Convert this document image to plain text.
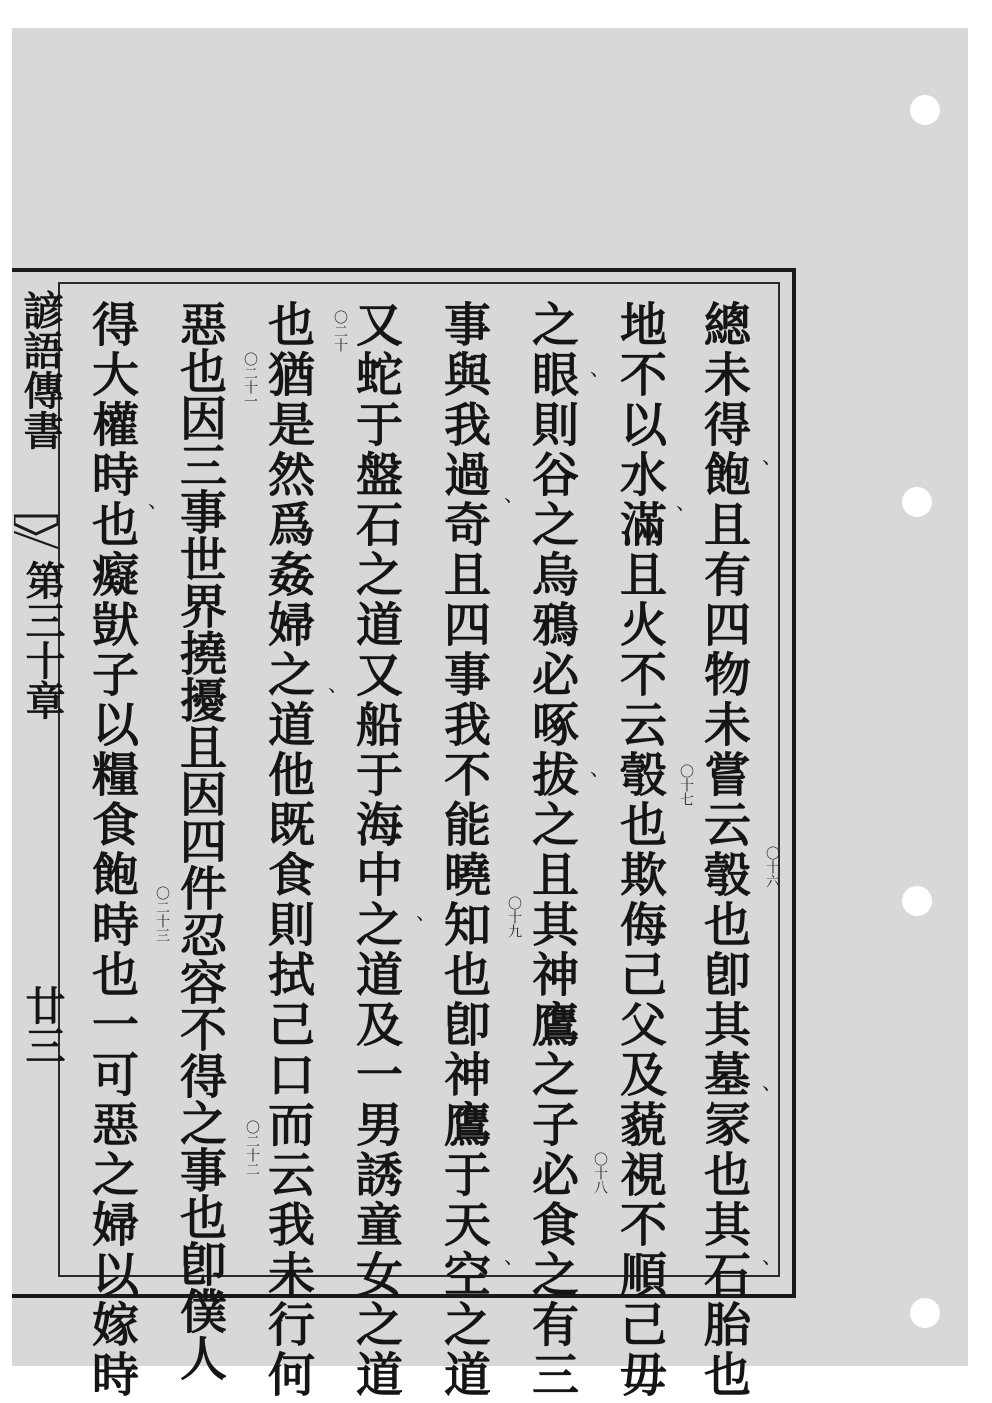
諺語傳書
第三十章
廿三	總未得飽且有四物未嘗云彀也卽其墓冡也其石胎也
地不以水滿且火不云彀也欺侮己父及藐視不順己毋
之眼則谷之烏鴉必啄拔之且其神鷹之子必食之有三
事與我過奇且四事我不能曉知也卽神鷹于天空之道
又蛇于盤石之道又船于海中之道及一男誘童女之道
也猶是然爲姦婦之道他既食則拭己口而云我未行何
惡也因三事世界撓擾且因四件忍容不得之事也卽僕人
得大權時也癡獃子以糧食飽時也一可惡之婦以嫁時	〇十六
〇十七
〇十八
〇十九
〇二十
〇二十一
〇二十二
〇二十三
、
、
、
、
、
、
、
、
、
、
、
